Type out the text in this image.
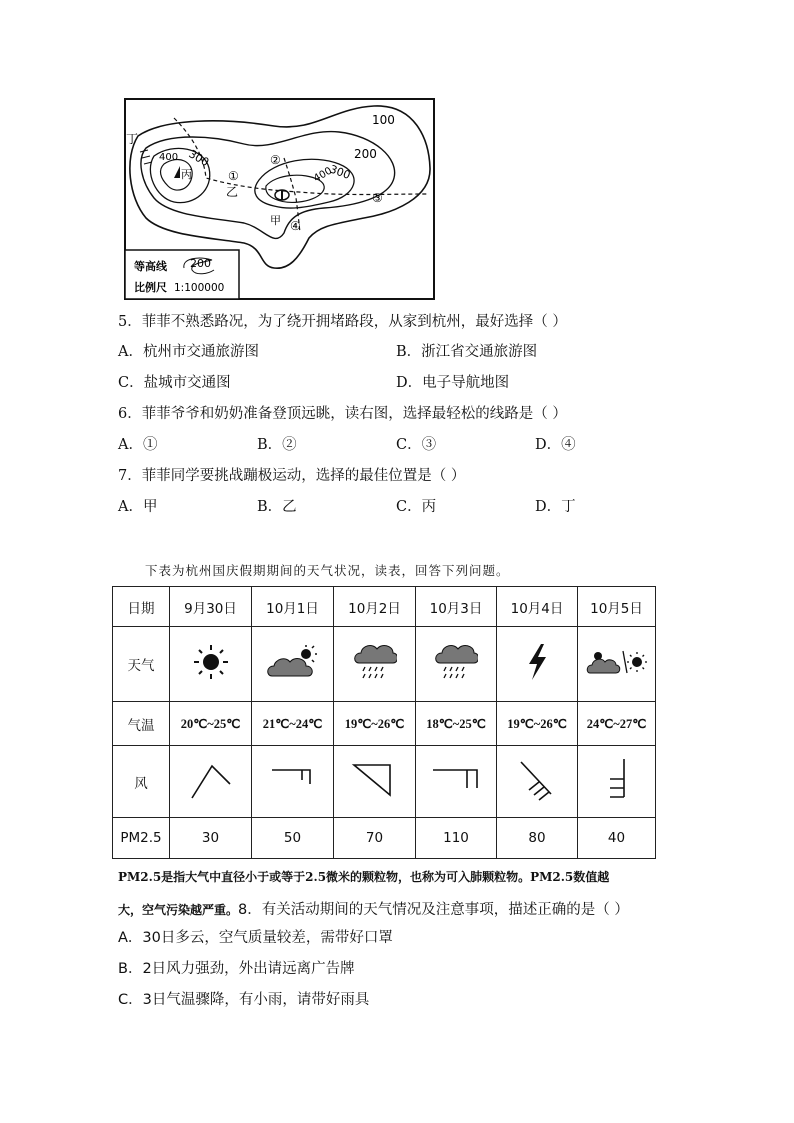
100
200
300
300
400
400
丁
丙
乙
甲
①
②
③
④
等高线 200
比例尺 1:100000
5．菲菲不熟悉路况，为了绕开拥堵路段，从家到杭州，最好选择（ ）
A．杭州市交通旅游图	B．浙江省交通旅游图
C．盐城市交通图	D．电子导航地图
6．菲菲爷爷和奶奶准备登顶远眺，读右图，选择最轻松的线路是（ ）
A．①	B．②	C．③	D．④
7．菲菲同学要挑战蹦极运动，选择的最佳位置是（ ）
A．甲	B．乙	C．丙	D．丁
下表为杭州国庆假期期间的天气状况，读表，回答下列问题。
日期	9月30日	10月1日	10月2日	10月3日	10月4日	10月5日
天气						
气温	20℃~25℃	21℃~24℃	19℃~26℃	18℃~25℃	19℃~26℃	24℃~27℃
风						
PM2.5	30	50	70	110	80	40
PM2.5是指大气中直径小于或等于2.5微米的颗粒物，也称为可入肺颗粒物。PM2.5数值越
大，空气污染越严重。8．有关活动期间的天气情况及注意事项，描述正确的是（ ）
A．30日多云，空气质量较差，需带好口罩
B．2日风力强劲，外出请远离广告牌
C．3日气温骤降，有小雨，请带好雨具
